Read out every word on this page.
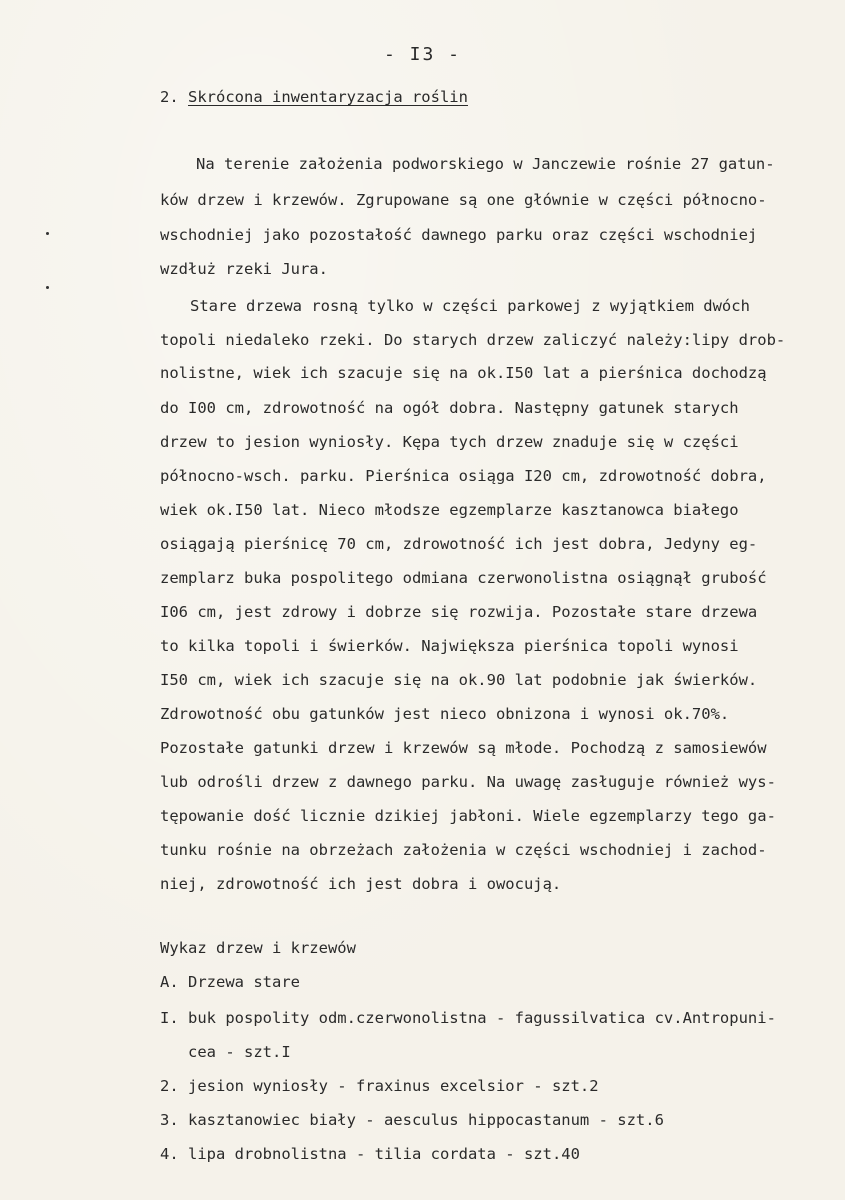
- I3 -
2. Skrócona inwentaryzacja roślin
Na terenie założenia podworskiego w Janczewie rośnie 27 gatun-
ków drzew i krzewów. Zgrupowane są one głównie w części północno-
wschodniej jako pozostałość dawnego parku oraz części wschodniej
wzdłuż rzeki Jura.
Stare drzewa rosną tylko w części parkowej z wyjątkiem dwóch
topoli niedaleko rzeki. Do starych drzew zaliczyć należy:lipy drob-
nolistne, wiek ich szacuje się na ok.I50 lat a pierśnica dochodzą
do I00 cm, zdrowotność na ogół dobra. Następny gatunek starych
drzew to jesion wyniosły. Kępa tych drzew znaduje się w części
północno-wsch. parku. Pierśnica osiąga I20 cm, zdrowotność dobra,
wiek ok.I50 lat. Nieco młodsze egzemplarze kasztanowca białego
osiągają pierśnicę 70 cm, zdrowotność ich jest dobra, Jedyny eg-
zemplarz buka pospolitego odmiana czerwonolistna osiągnął grubość
I06 cm, jest zdrowy i dobrze się rozwija. Pozostałe stare drzewa
to kilka topoli i świerków. Największa pierśnica topoli wynosi
I50 cm, wiek ich szacuje się na ok.90 lat podobnie jak świerków.
Zdrowotność obu gatunków jest nieco obnizona i wynosi ok.70%.
Pozostałe gatunki drzew i krzewów są młode. Pochodzą z samosiewów
lub odrośli drzew z dawnego parku. Na uwagę zasługuje również wys-
tępowanie dość licznie dzikiej jabłoni. Wiele egzemplarzy tego ga-
tunku rośnie na obrzeżach założenia w części wschodniej i zachod-
niej, zdrowotność ich jest dobra i owocują.
Wykaz drzew i krzewów
A. Drzewa stare
I. buk pospolity odm.czerwonolistna - fagussilvatica cv.Antropuni-
cea - szt.I
2. jesion wyniosły - fraxinus excelsior - szt.2
3. kasztanowiec biały - aesculus hippocastanum - szt.6
4. lipa drobnolistna - tilia cordata - szt.40
